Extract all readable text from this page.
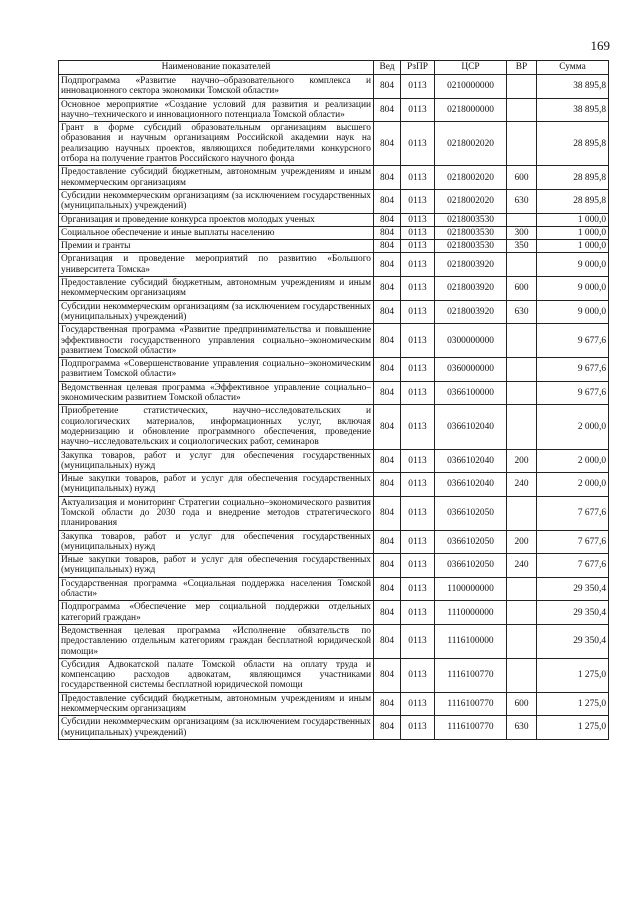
169
Наименование показателей	Вед	РзПР	ЦСР	ВР	Сумма
Подпрограмма «Развитие научно–образовательного комплекса и инновационного сектора экономики Томской области»	804	0113	0210000000		38 895,8
Основное мероприятие «Создание условий для развития и реализации научно–технического и инновационного потенциала Томской области»	804	0113	0218000000		38 895,8
Грант в форме субсидий образовательным организациям высшего образования и научным организациям Российской академии наук на реализацию научных проектов, являющихся победителями конкурсного отбора на получение грантов Российского научного фонда	804	0113	0218002020		28 895,8
Предоставление субсидий бюджетным, автономным учреждениям и иным некоммерческим организациям	804	0113	0218002020	600	28 895,8
Субсидии некоммерческим организациям (за исключением государственных (муниципальных) учреждений)	804	0113	0218002020	630	28 895,8
Организация и проведение конкурса проектов молодых ученых	804	0113	0218003530		1 000,0
Социальное обеспечение и иные выплаты населению	804	0113	0218003530	300	1 000,0
Премии и гранты	804	0113	0218003530	350	1 000,0
Организация и проведение мероприятий по развитию «Большого университета Томска»	804	0113	0218003920		9 000,0
Предоставление субсидий бюджетным, автономным учреждениям и иным некоммерческим организациям	804	0113	0218003920	600	9 000,0
Субсидии некоммерческим организациям (за исключением государственных (муниципальных) учреждений)	804	0113	0218003920	630	9 000,0
Государственная программа «Развитие предпринимательства и повышение эффективности государственного управления социально–экономическим развитием Томской области»	804	0113	0300000000		9 677,6
Подпрограмма «Совершенствование управления социально–экономическим развитием Томской области»	804	0113	0360000000		9 677,6
Ведомственная целевая программа «Эффективное управление социально–экономическим развитием Томской области»	804	0113	0366100000		9 677,6
Приобретение статистических, научно–исследовательских и социологических материалов, информационных услуг, включая модернизацию и обновление программного обеспечения, проведение научно–исследовательских и социологических работ, семинаров	804	0113	0366102040		2 000,0
Закупка товаров, работ и услуг для обеспечения государственных (муниципальных) нужд	804	0113	0366102040	200	2 000,0
Иные закупки товаров, работ и услуг для обеспечения государственных (муниципальных) нужд	804	0113	0366102040	240	2 000,0
Актуализация и мониторинг Стратегии социально–экономического развития Томской области до 2030 года и внедрение методов стратегического планирования	804	0113	0366102050		7 677,6
Закупка товаров, работ и услуг для обеспечения государственных (муниципальных) нужд	804	0113	0366102050	200	7 677,6
Иные закупки товаров, работ и услуг для обеспечения государственных (муниципальных) нужд	804	0113	0366102050	240	7 677,6
Государственная программа «Социальная поддержка населения Томской области»	804	0113	1100000000		29 350,4
Подпрограмма «Обеспечение мер социальной поддержки отдельных категорий граждан»	804	0113	1110000000		29 350,4
Ведомственная целевая программа «Исполнение обязательств по предоставлению отдельным категориям граждан бесплатной юридической помощи»	804	0113	1116100000		29 350,4
Субсидия Адвокатской палате Томской области на оплату труда и компенсацию расходов адвокатам, являющимся участниками государственной системы бесплатной юридической помощи	804	0113	1116100770		1 275,0
Предоставление субсидий бюджетным, автономным учреждениям и иным некоммерческим организациям	804	0113	1116100770	600	1 275,0
Субсидии некоммерческим организациям (за исключением государственных (муниципальных) учреждений)	804	0113	1116100770	630	1 275,0
